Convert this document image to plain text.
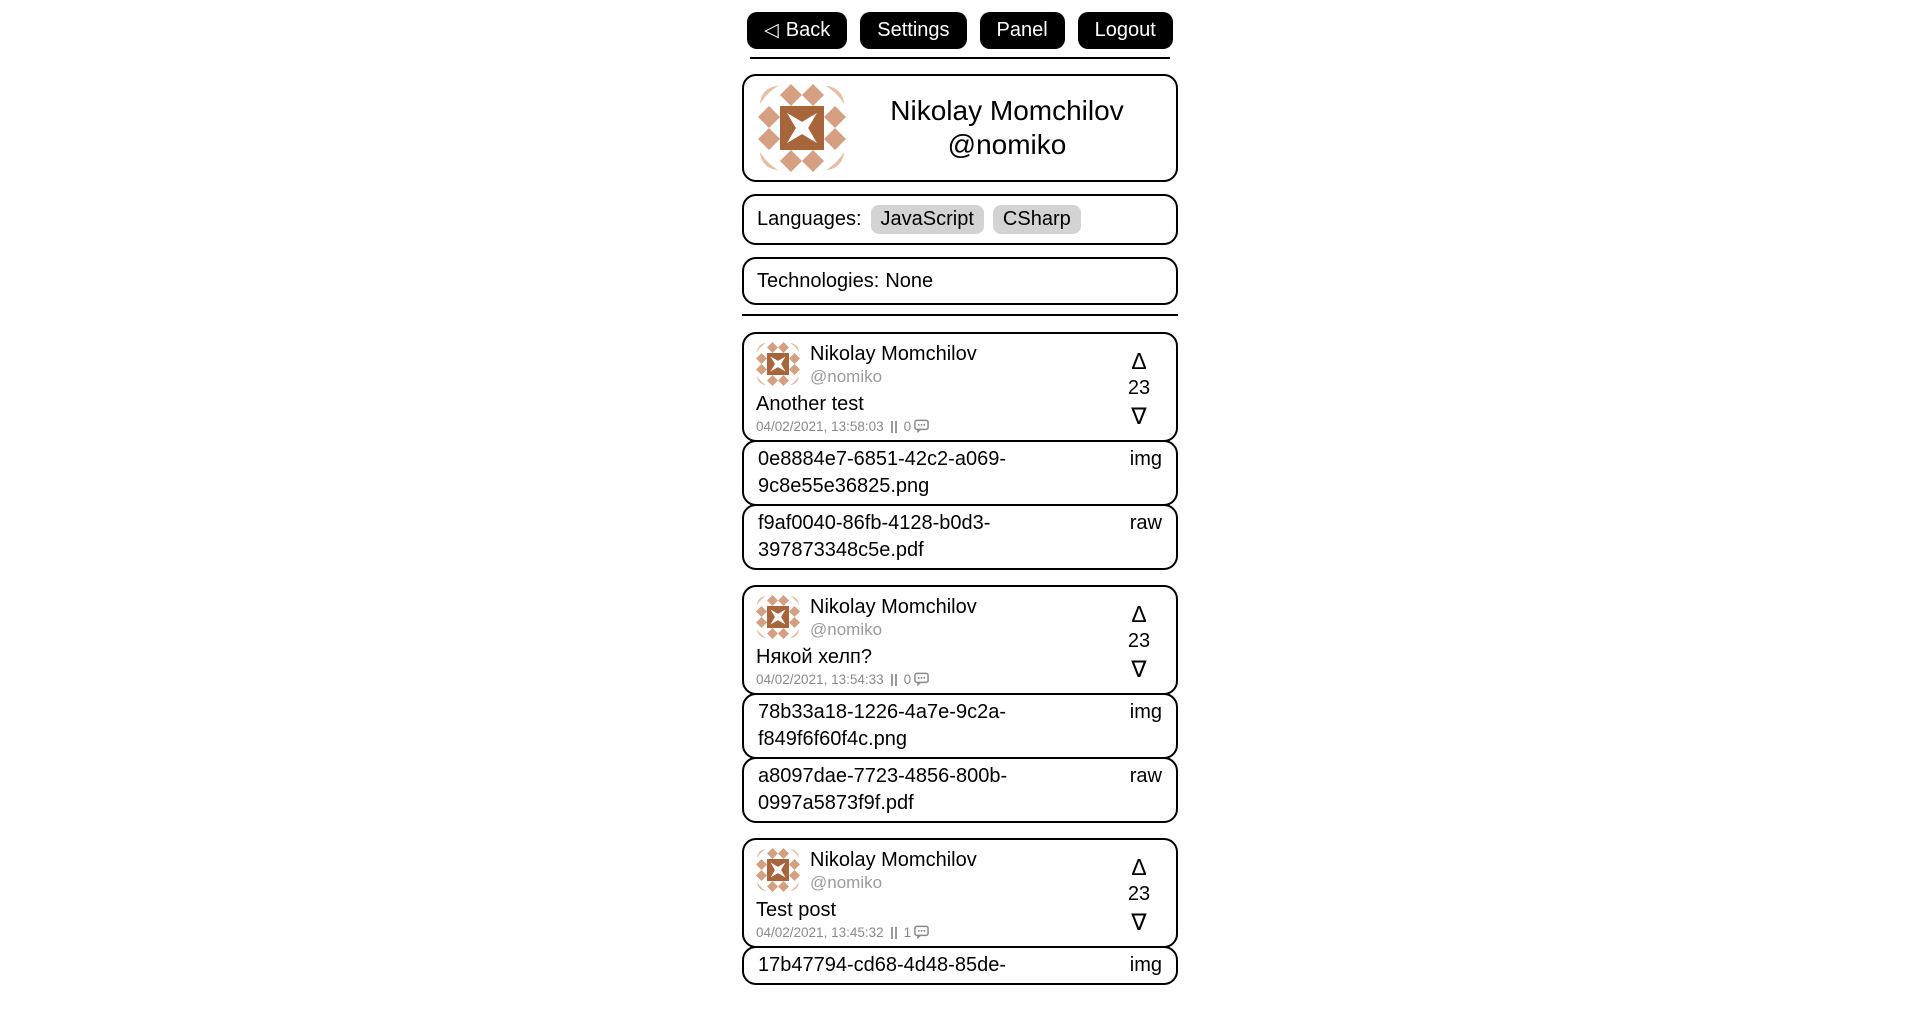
◁ Back Settings Panel Logout
Nikolay Momchilov
@nomiko
Languages: JavaScript	CSharp
Technologies: None
Nikolay Momchilov
@nomiko
Another test
04/02/2021, 13:58:03 0
Δ
23
∇
0e8884e7-6851-42c2-a069-9c8e55e36825.png
img
f9af0040-86fb-4128-b0d3-397873348c5e.pdf
raw
Nikolay Momchilov
@nomiko
Някой хелп?
04/02/2021, 13:54:33 0
Δ
23
∇
78b33a18-1226-4a7e-9c2a-f849f6f60f4c.png
img
a8097dae-7723-4856-800b-0997a5873f9f.pdf
raw
Nikolay Momchilov
@nomiko
Test post
04/02/2021, 13:45:32 1
Δ
23
∇
17b47794-cd68-4d48-85de-	img
